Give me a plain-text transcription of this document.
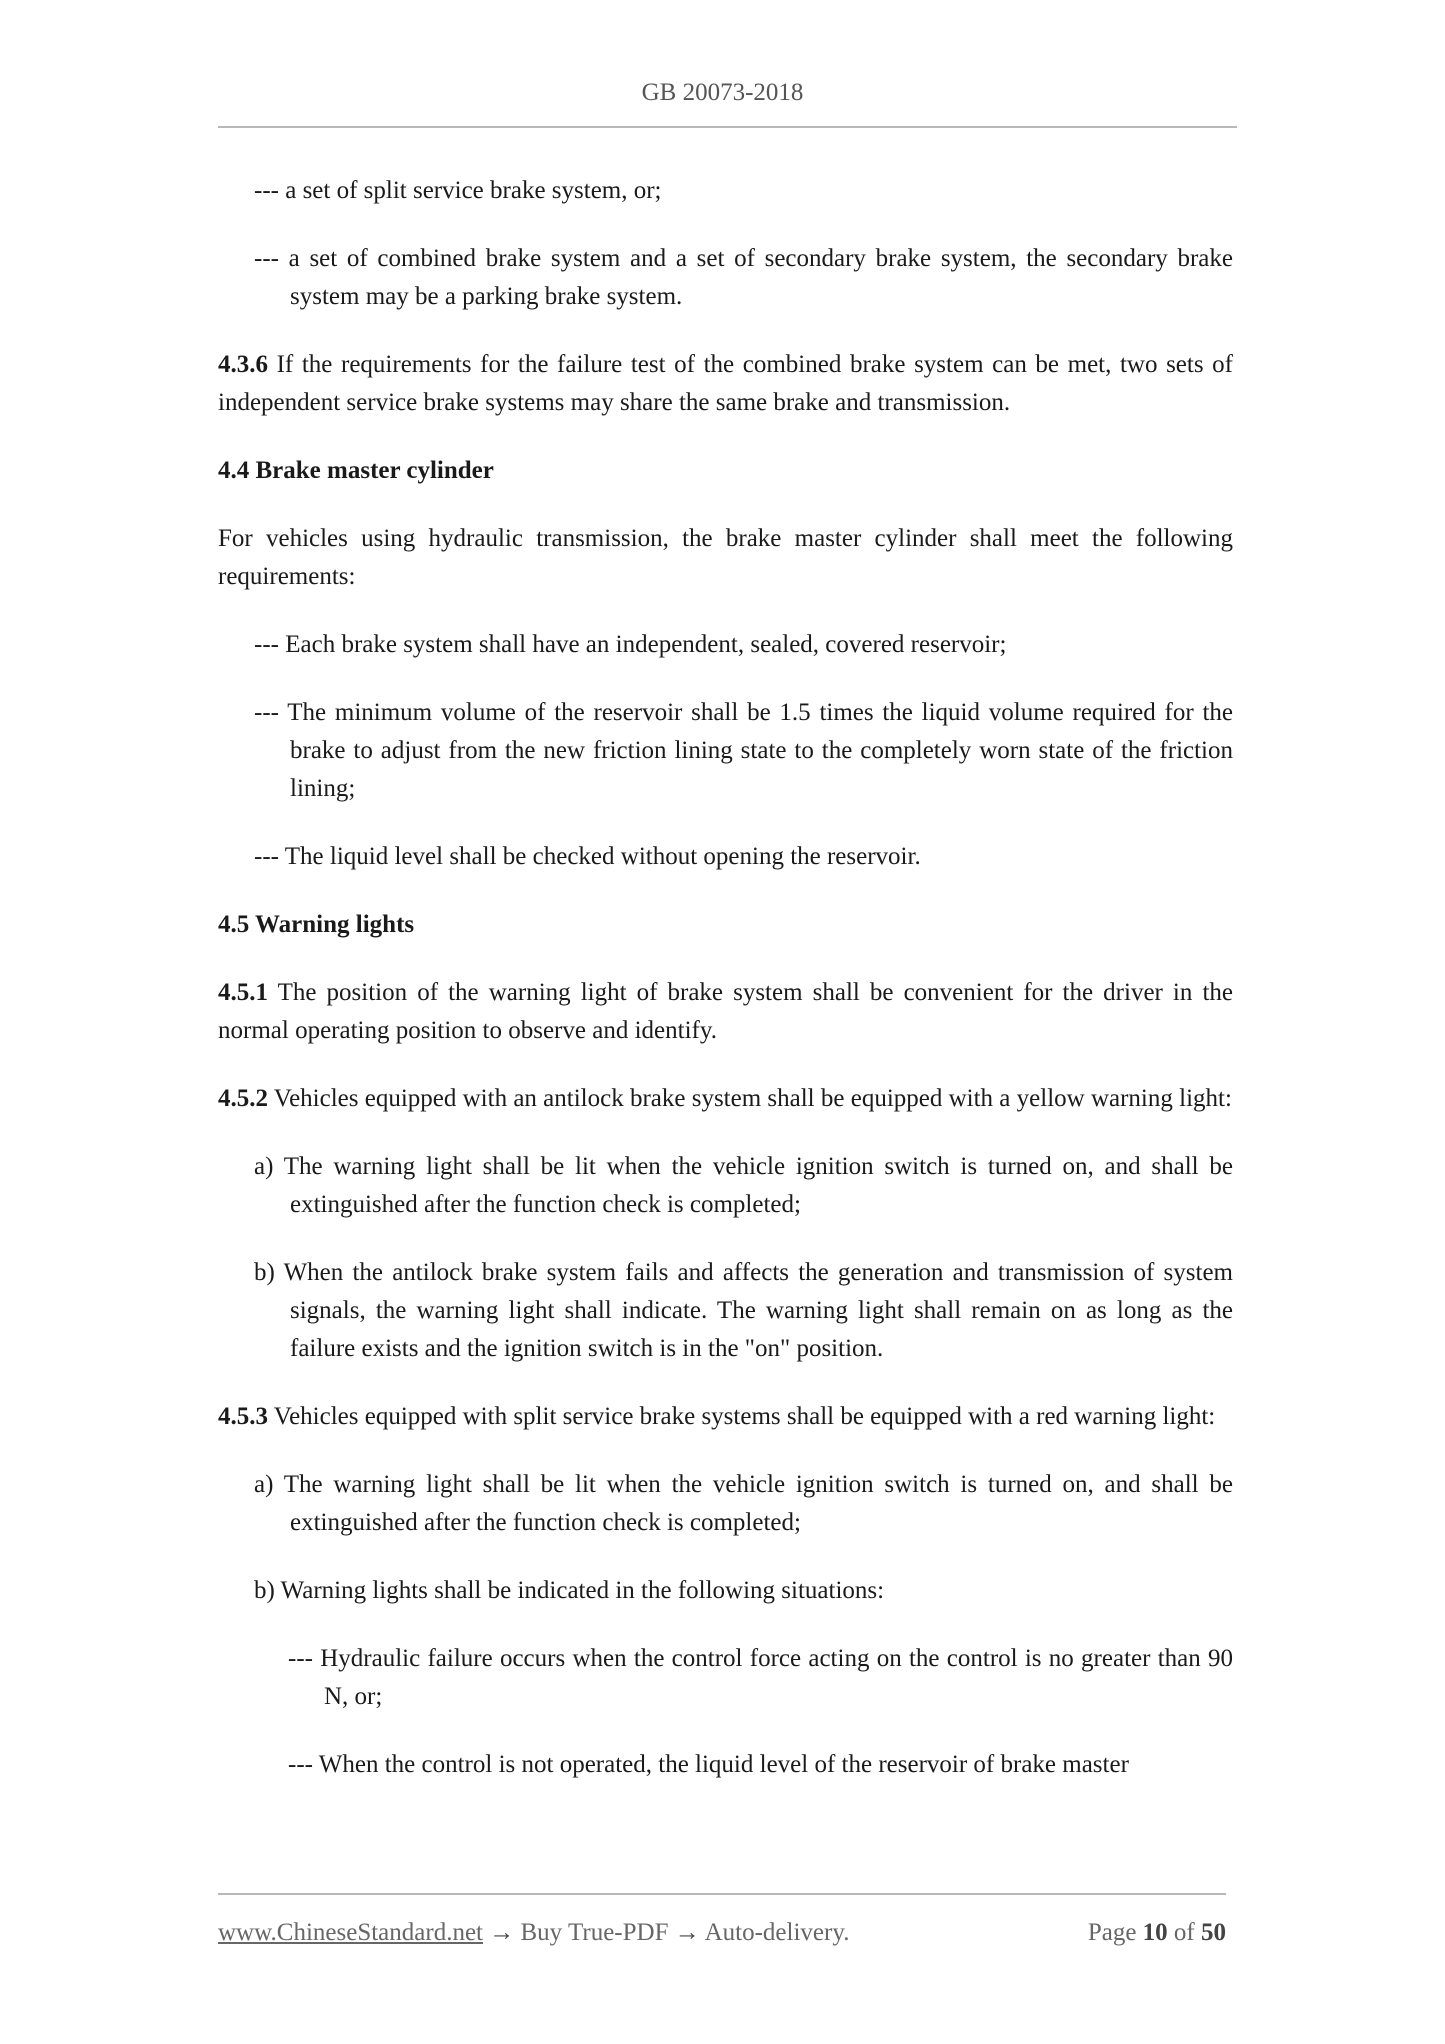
GB 20073-2018

--- a set of split service brake system, or;

--- a set of combined brake system and a set of secondary brake system, the secondary brake system may be a parking brake system.

4.3.6 If the requirements for the failure test of the combined brake system can be met, two sets of independent service brake systems may share the same brake and transmission.

4.4 Brake master cylinder

For vehicles using hydraulic transmission, the brake master cylinder shall meet the following requirements:

--- Each brake system shall have an independent, sealed, covered reservoir;

--- The minimum volume of the reservoir shall be 1.5 times the liquid volume required for the brake to adjust from the new friction lining state to the completely worn state of the friction lining;

--- The liquid level shall be checked without opening the reservoir.

4.5 Warning lights

4.5.1 The position of the warning light of brake system shall be convenient for the driver in the normal operating position to observe and identify.

4.5.2 Vehicles equipped with an antilock brake system shall be equipped with a yellow warning light:

a) The warning light shall be lit when the vehicle ignition switch is turned on, and shall be extinguished after the function check is completed;

b) When the antilock brake system fails and affects the generation and transmission of system signals, the warning light shall indicate. The warning light shall remain on as long as the failure exists and the ignition switch is in the "on" position.

4.5.3 Vehicles equipped with split service brake systems shall be equipped with a red warning light:

a) The warning light shall be lit when the vehicle ignition switch is turned on, and shall be extinguished after the function check is completed;

b) Warning lights shall be indicated in the following situations:

--- Hydraulic failure occurs when the control force acting on the control is no greater than 90 N, or;

--- When the control is not operated, the liquid level of the reservoir of brake master

www.ChineseStandard.net → Buy True-PDF → Auto-delivery.	Page 10 of 50
